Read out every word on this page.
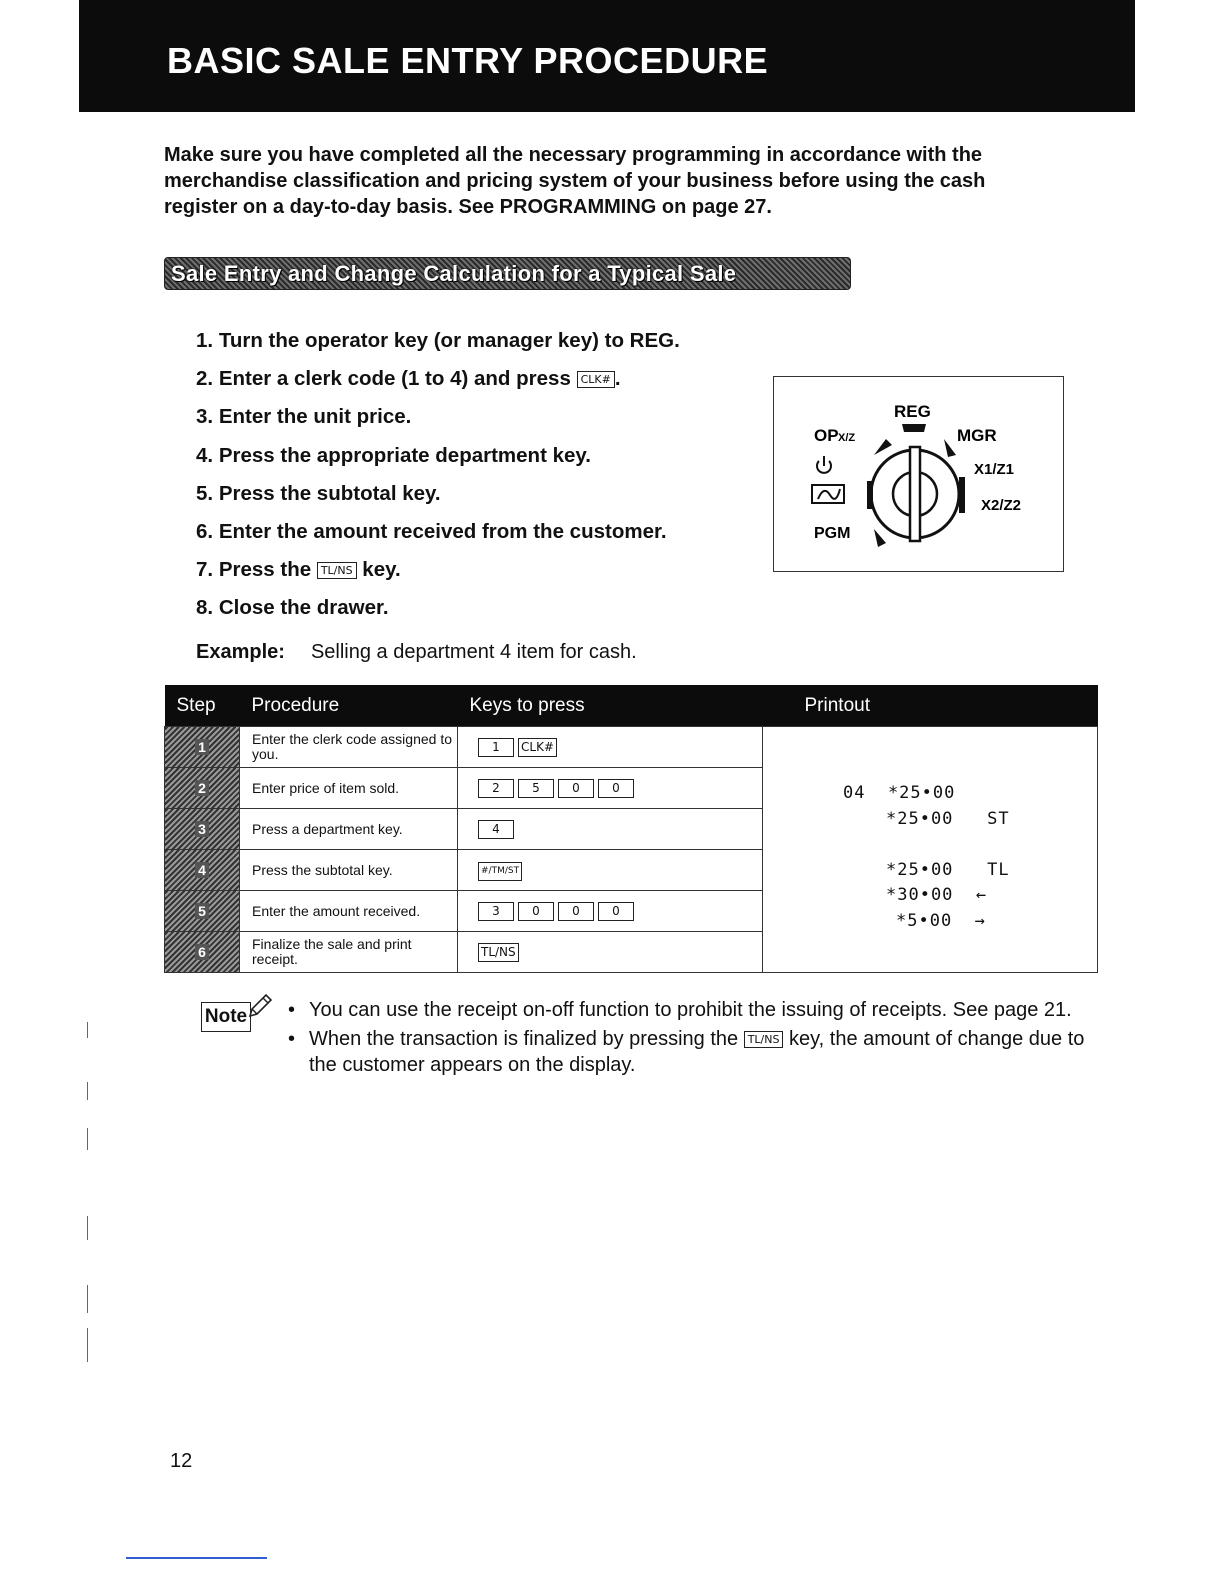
BASIC SALE ENTRY PROCEDURE

Make sure you have completed all the necessary programming in accordance with the merchandise classification and pricing system of your business before using the cash register on a day-to-day basis. See PROGRAMMING on page 27.

Sale Entry and Change Calculation for a Typical Sale
1. Turn the operator key (or manager key) to REG.
2. Enter a clerk code (1 to 4) and press CLK# .
3. Enter the unit price.
4. Press the appropriate department key.
5. Press the subtotal key.
6. Enter the amount received from the customer.
7. Press the TL/NS key.
8. Close the drawer.
Example: Selling a department 4 item for cash.
OP X/Z
REG
MGR
X1/Z1
X2/Z2
PGM
Step	Procedure	Keys to press	Printout
1	Enter the clerk code assigned to you.	1 CLK#	04  *25•00
*25•00   ST
*25•00   TL
*30•00  ←
*5•00  →

2	Enter price of item sold.	2 5 0 0	
3	Press a department key.	4	
4	Press the subtotal key.	#/TM/ST	
5	Enter the amount received.	3 0 0 0	
6	Finalize the sale and print receipt.	TL/NS	
Note	• You can use the receipt on-off function to prohibit the issuing of receipts. See page 21.
• When the transaction is finalized by pressing the TL/NS key, the amount of change due to the customer appears on the display.
12
